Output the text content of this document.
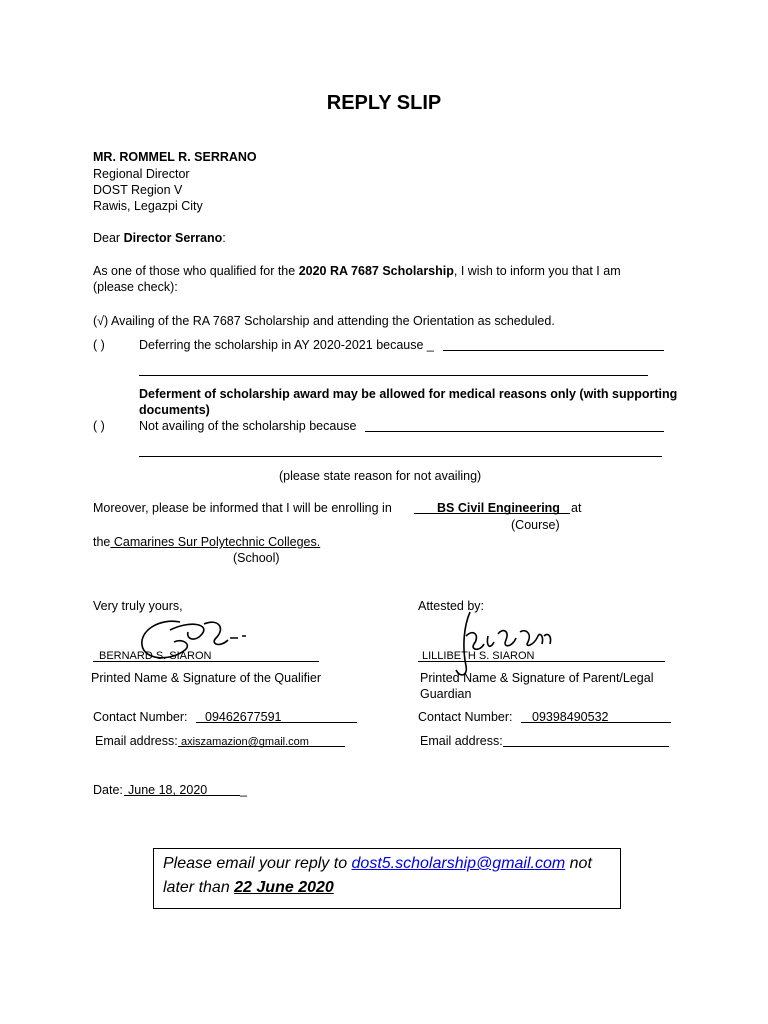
REPLY SLIP
MR. ROMMEL R. SERRANO
Regional Director
DOST Region V
Rawis, Legazpi City
Dear Director Serrano:
As one of those who qualified for the 2020 RA 7687 Scholarship, I wish to inform you that I am
(please check):
(√) Availing of the RA 7687 Scholarship and attending the Orientation as scheduled.
( )	Deferring the scholarship in AY 2020-2021 because _
Deferment of scholarship award may be allowed for medical reasons only (with supporting
documents)
( )	Not availing of the scholarship because
(please state reason for not availing)
Moreover, please be informed that I will be enrolling in	BS Civil Engineering at
(Course)
the Camarines Sur Polytechnic Colleges.
(School)
Very truly yours,	Attested by:
BERNARD S. SIARON
Printed Name & Signature of the Qualifier
LILLIBETH S. SIARON
Printed Name & Signature of Parent/Legal
Guardian
Contact Number: 09462677591	Contact Number: 09398490532
Email address: axiszamazion@gmail.com	Email address:
Date: June 18, 2020	_
Please email your reply to dost5.scholarship@gmail.com not later than 22 June 2020
